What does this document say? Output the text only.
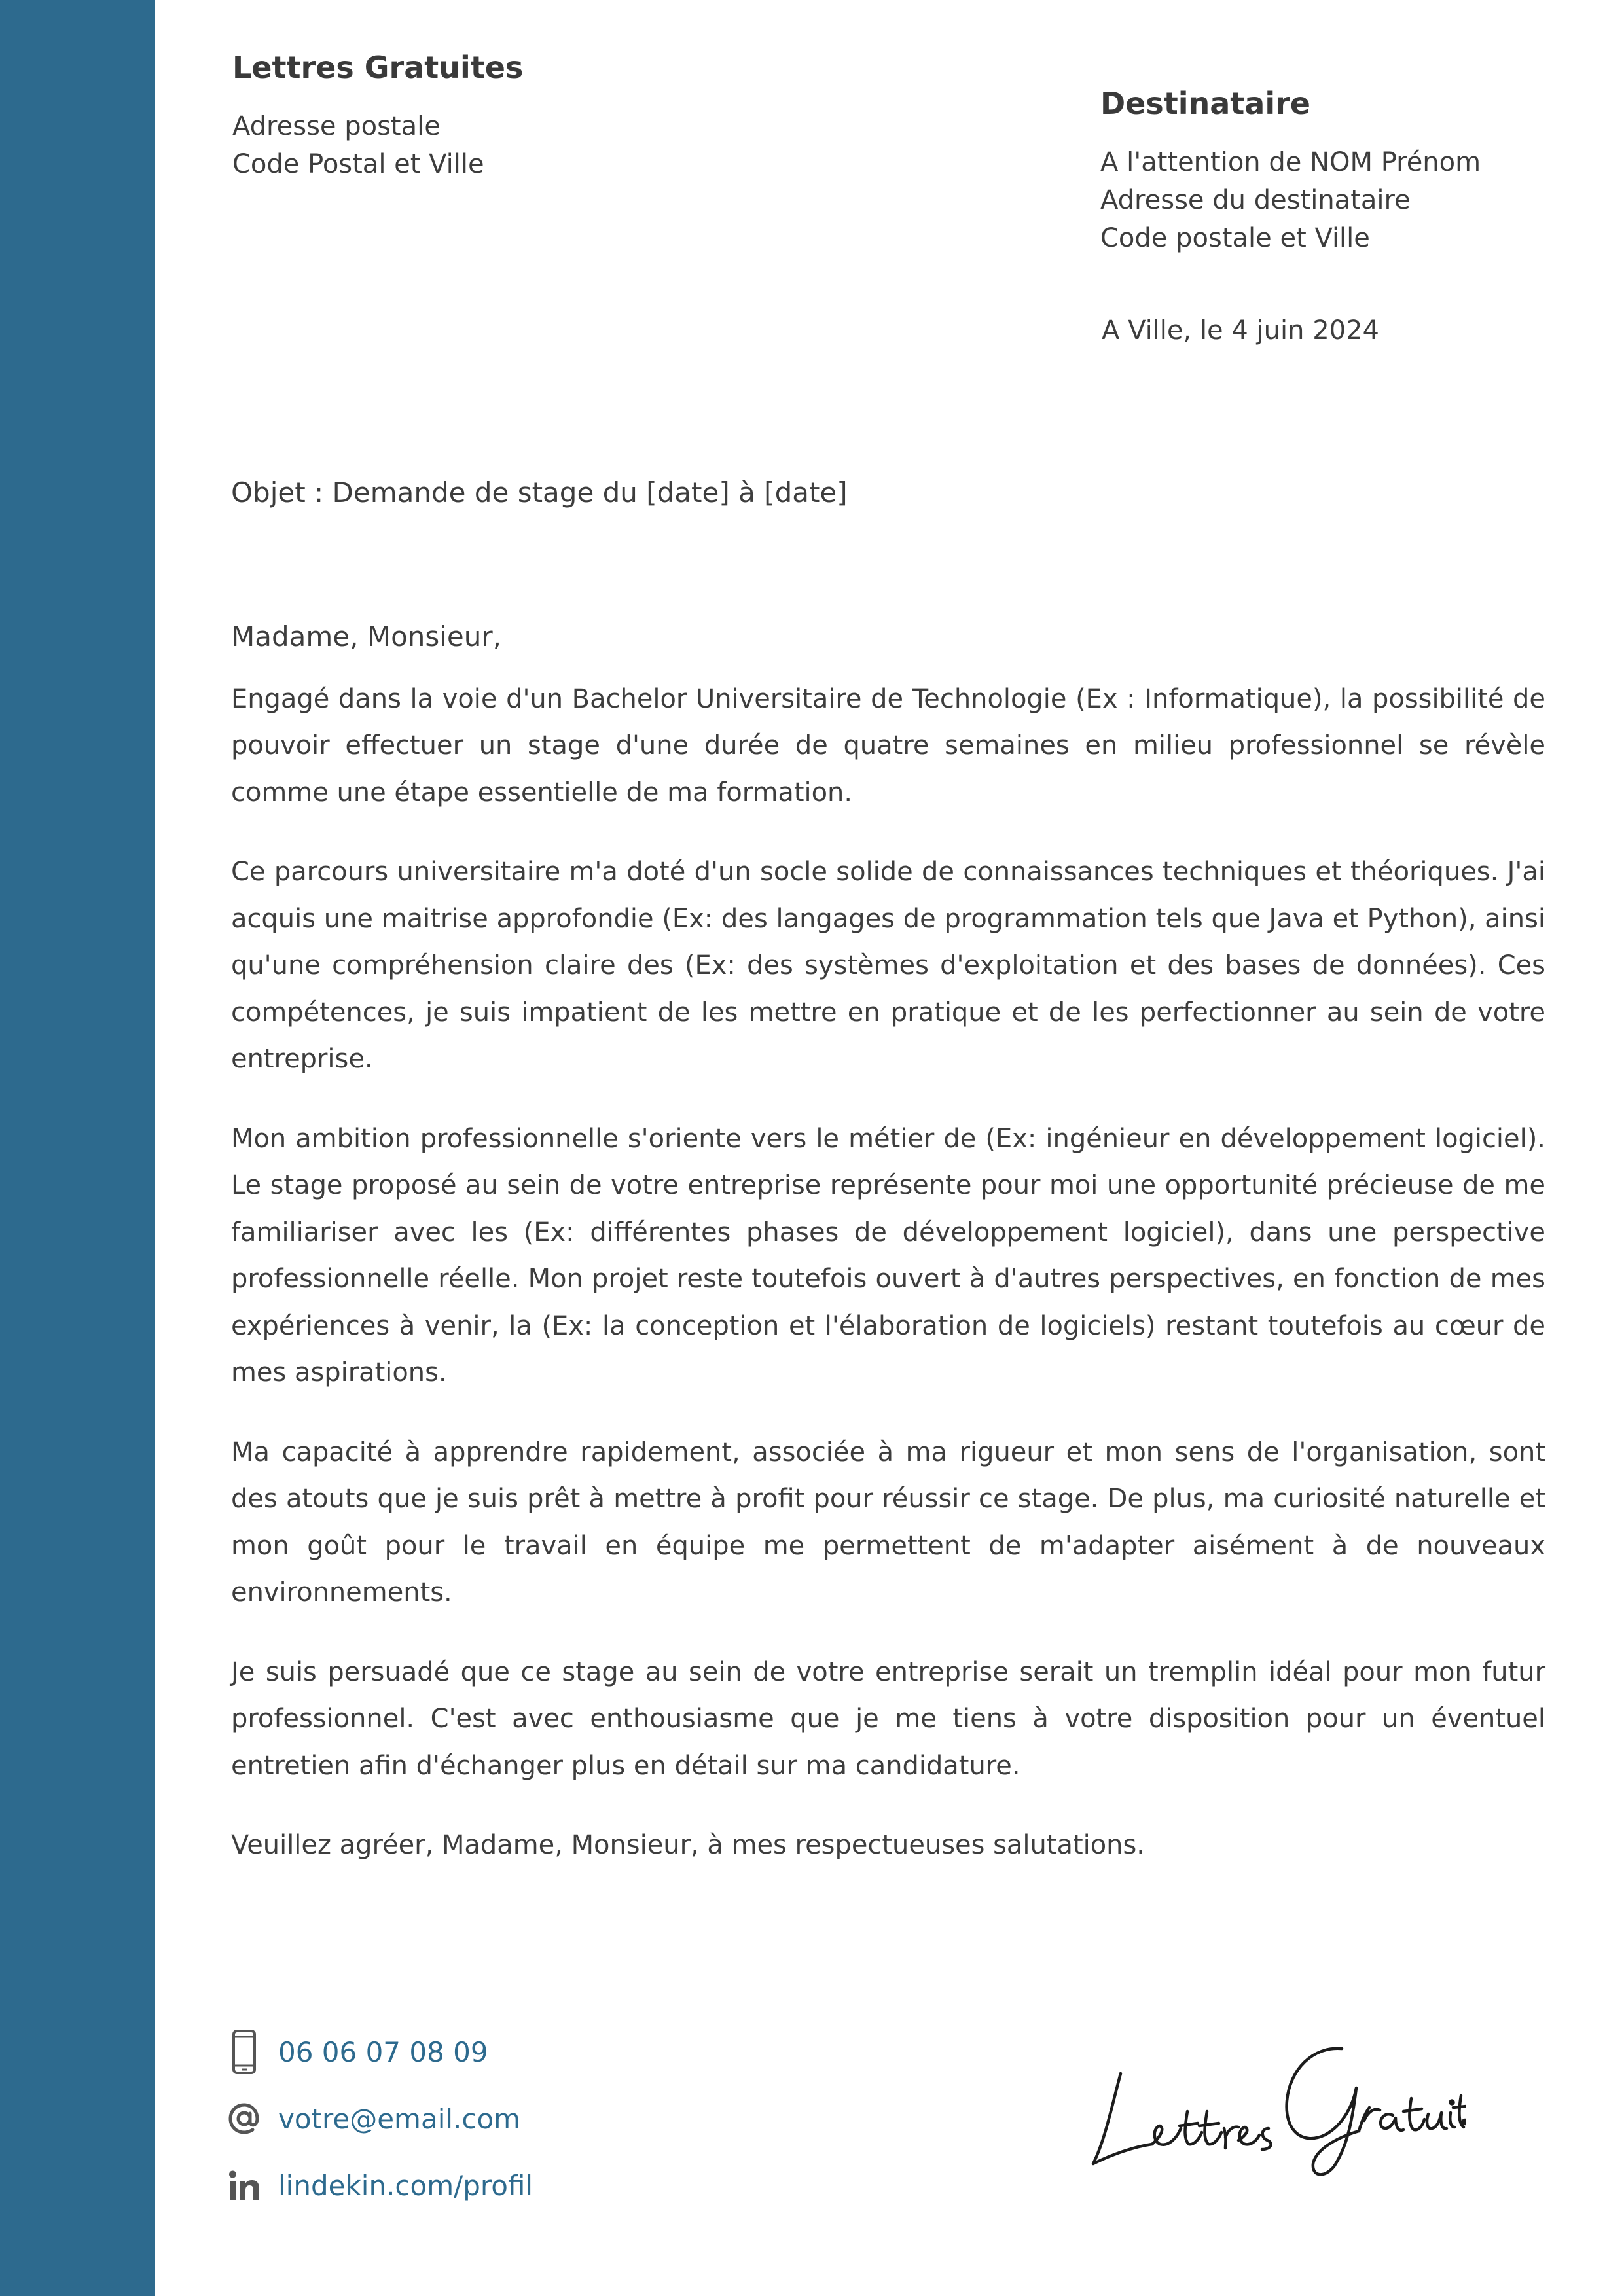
Lettres Gratuites
Adresse postale
Code Postal et Ville
Destinataire
A l'attention de NOM Prénom
Adresse du destinataire
Code postale et Ville
A Ville, le 4 juin 2024
Objet : Demande de stage du [date] à [date]
Madame, Monsieur,

Engagé dans la voie d'un Bachelor Universitaire de Technologie (Ex : Informatique), la possibilité de pouvoir effectuer un stage d'une durée de quatre semaines en milieu professionnel se révèle comme une étape essentielle de ma formation.

Ce parcours universitaire m'a doté d'un socle solide de connaissances techniques et théoriques. J'ai acquis une maitrise approfondie (Ex: des langages de programmation tels que Java et Python), ainsi qu'une compréhension claire des (Ex: des systèmes d'exploitation et des bases de données). Ces compétences, je suis impatient de les mettre en pratique et de les perfectionner au sein de votre entreprise.

Mon ambition professionnelle s'oriente vers le métier de (Ex: ingénieur en développement logiciel). Le stage proposé au sein de votre entreprise représente pour moi une opportunité précieuse de me familiariser avec les (Ex: différentes phases de développement logiciel), dans une perspective professionnelle réelle. Mon projet reste toutefois ouvert à d'autres perspectives, en fonction de mes expériences à venir, la (Ex: la conception et l'élaboration de logiciels) restant toutefois au cœur de mes aspirations.

Ma capacité à apprendre rapidement, associée à ma rigueur et mon sens de l'organisation, sont des atouts que je suis prêt à mettre à profit pour réussir ce stage. De plus, ma curiosité naturelle et mon goût pour le travail en équipe me permettent de m'adapter aisément à de nouveaux environnements.

Je suis persuadé que ce stage au sein de votre entreprise serait un tremplin idéal pour mon futur professionnel. C'est avec enthousiasme que je me tiens à votre disposition pour un éventuel entretien afin d'échanger plus en détail sur ma candidature.

Veuillez agréer, Madame, Monsieur, à mes respectueuses salutations.

06 06 07 08 09
votre@email.com
lindekin.com/profil
